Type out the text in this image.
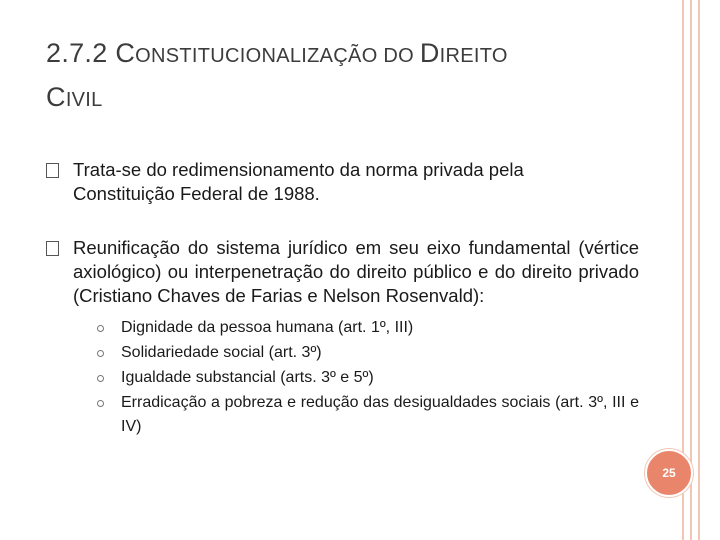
2.7.2 CONSTITUCIONALIZAÇÃO DO DIREITO
CIVIL
Trata-se do redimensionamento da norma privada pela Constituição Federal de 1988.
Reunificação do sistema jurídico em seu eixo fundamental (vértice axiológico) ou interpenetração do direito público e do direito privado (Cristiano Chaves de Farias e Nelson Rosenvald):
Dignidade da pessoa humana (art. 1º, III)
Solidariedade social (art. 3º)
Igualdade substancial (arts. 3º e 5º)
Erradicação a pobreza e redução das desigualdades sociais (art. 3º, III e IV)
25
